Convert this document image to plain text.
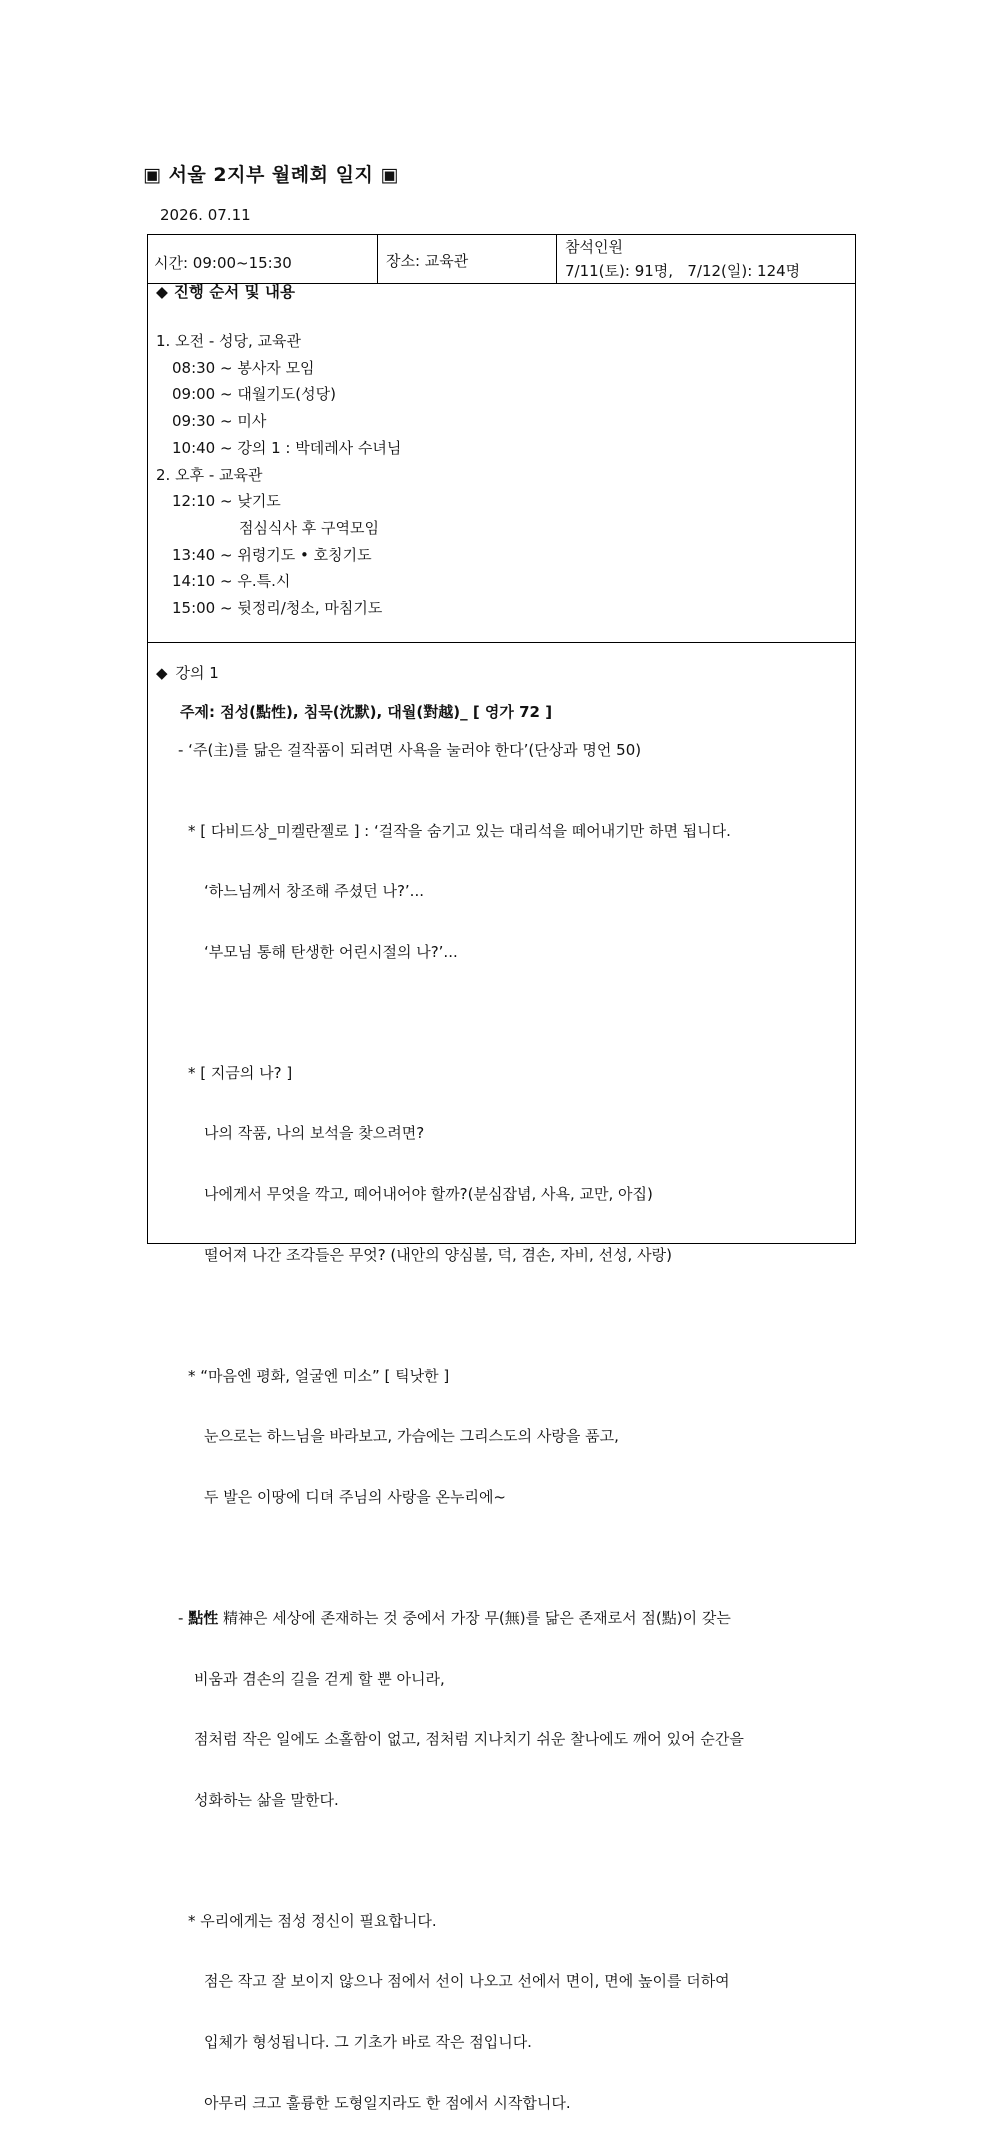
▣ 서울 2지부 월례회 일지 ▣
2026. 07.11
시간: 09:00~15:30	장소: 교육관
참석인원
7/11(토): 91명,   7/12(일): 124명
◆ 진행 순서 및 내용
1. 오전 - 성당, 교육관
08:30 ~ 봉사자 모임
09:00 ~ 대월기도(성당)
09:30 ~ 미사
10:40 ~ 강의 1 : 박데레사 수녀님
2. 오후 - 교육관
12:10 ~ 낮기도
점심식사 후 구역모임
13:40 ~ 위령기도 • 호칭기도
14:10 ~ 우.특.시
15:00 ~ 뒷정리/청소, 마침기도
◆ 강의 1
주제: 점성(點性), 침묵(沈默), 대월(對越)_ [ 영가 72 ]
- ‘주(主)를 닮은 걸작품이 되려면 사욕을 눌러야 한다’(단상과 명언 50)

* [ 다비드상_미켈란젤로 ] : ‘걸작을 숨기고 있는 대리석을 떼어내기만 하면 됩니다.

‘하느님께서 창조해 주셨던 나?’...

‘부모님 통해 탄생한 어린시절의 나?’...

* [ 지금의 나? ]

나의 작품, 나의 보석을 찾으려면?

나에게서 무엇을 깍고, 떼어내어야 할까?(분심잡념, 사욕, 교만, 아집)

떨어져 나간 조각들은 무엇? (내안의 양심불, 덕, 겸손, 자비, 선성, 사랑)

* “마음엔 평화, 얼굴엔 미소” [ 틱낫한 ]

눈으로는 하느님을 바라보고, 가슴에는 그리스도의 사랑을 품고,

두 발은 이땅에 디뎌 주님의 사랑을 온누리에~

- 點性 精神은 세상에 존재하는 것 중에서 가장 무(無)를 닮은 존재로서 점(點)이 갖는

비움과 겸손의 길을 걷게 할 뿐 아니라,

점처럼 작은 일에도 소홀함이 없고, 점처럼 지나치기 쉬운 찰나에도 깨어 있어 순간을

성화하는 삶을 말한다.

* 우리에게는 점성 정신이 필요합니다.

점은 작고 잘 보이지 않으나 점에서 선이 나오고 선에서 면이, 면에 높이를 더하여

입체가 형성됩니다. 그 기초가 바로 작은 점입니다.

아무리 크고 훌륭한 도형일지라도 한 점에서 시작합니다.
